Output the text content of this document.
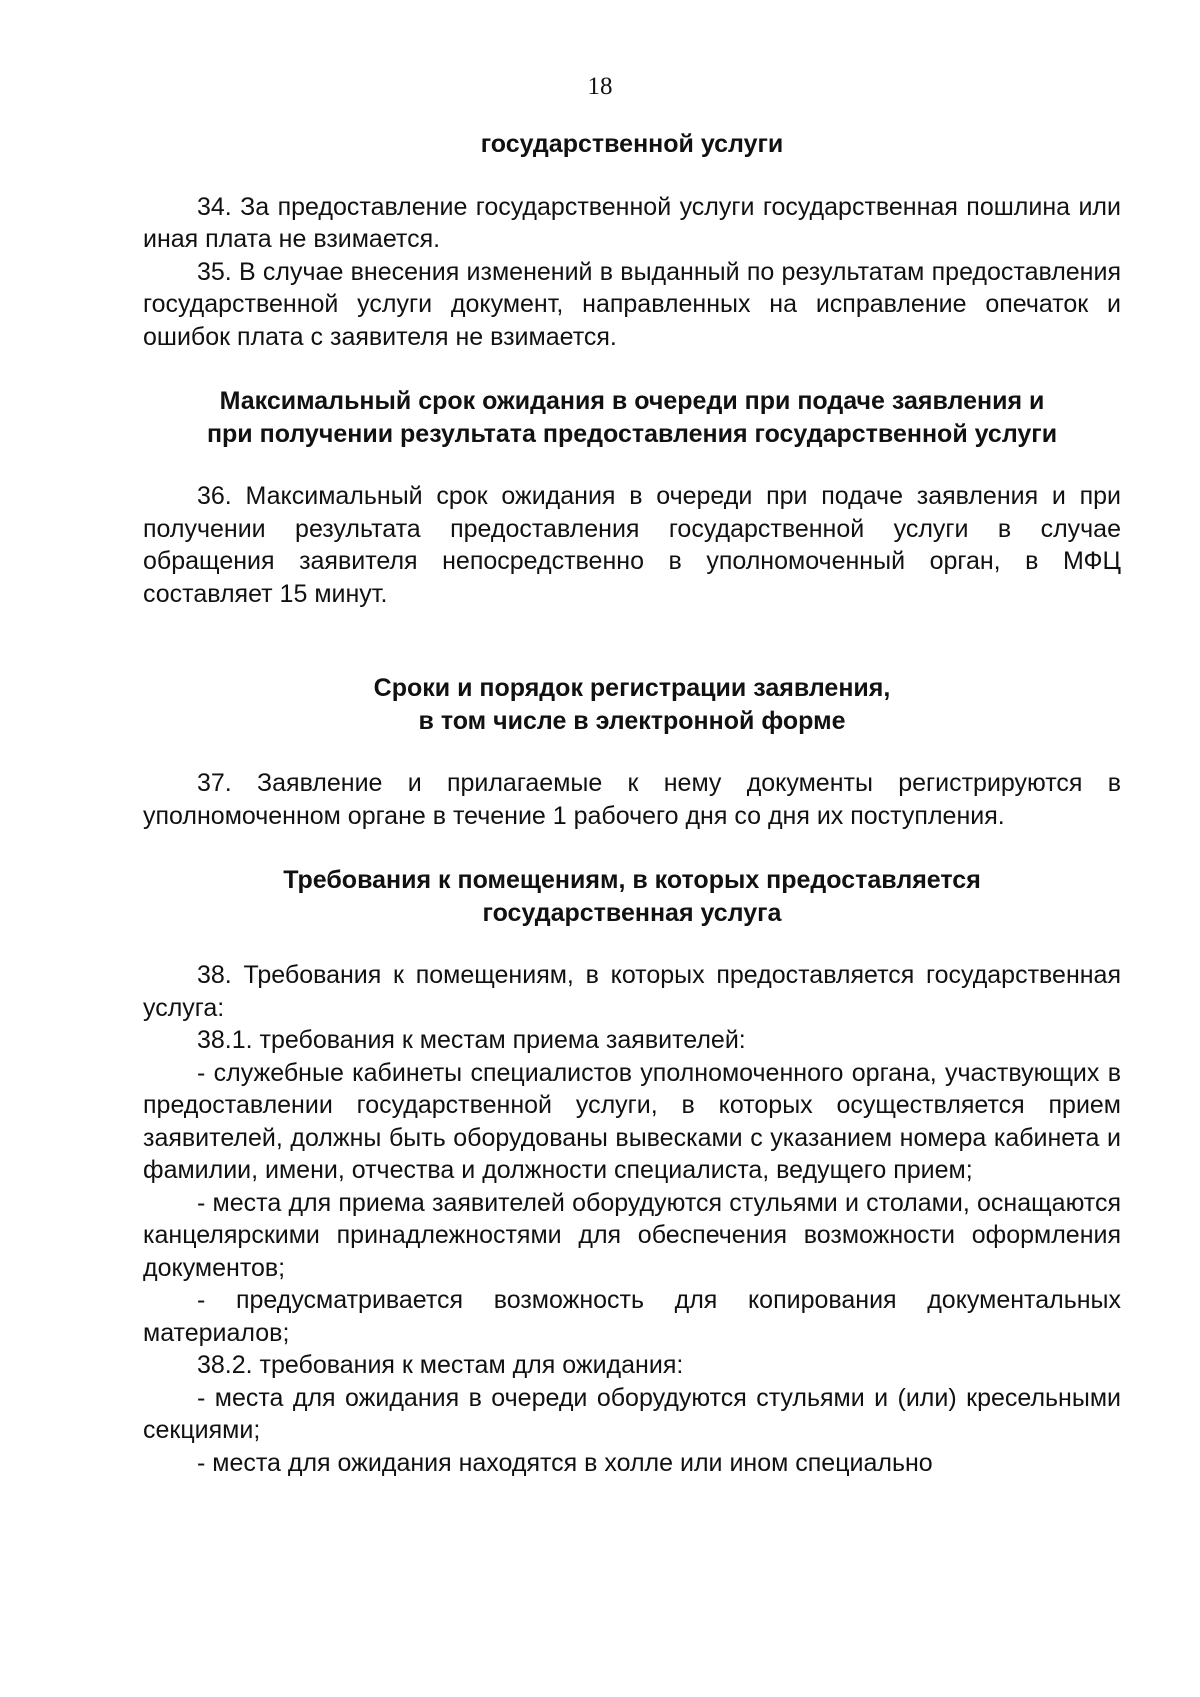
18

государственной услуги

34. За предоставление государственной услуги государственная пошлина или иная плата не взимается.

35. В случае внесения изменений в выданный по результатам предоставления государственной услуги документ, направленных на исправление опечаток и ошибок плата с заявителя не взимается.

Максимальный срок ожидания в очереди при подаче заявления и
при получении результата предоставления государственной услуги

36. Максимальный срок ожидания в очереди при подаче заявления и при получении результата предоставления государственной услуги в случае обращения заявителя непосредственно в уполномоченный орган, в МФЦ составляет 15 минут.

Сроки и порядок регистрации заявления,
в том числе в электронной форме

37. Заявление и прилагаемые к нему документы регистрируются в уполномоченном органе в течение 1 рабочего дня со дня их поступления.

Требования к помещениям, в которых предоставляется
государственная услуга

38. Требования к помещениям, в которых предоставляется государственная услуга:

38.1. требования к местам приема заявителей:

- служебные кабинеты специалистов уполномоченного органа, участвующих в предоставлении государственной услуги, в которых осуществляется прием заявителей, должны быть оборудованы вывесками с указанием номера кабинета и фамилии, имени, отчества и должности специалиста, ведущего прием;

- места для приема заявителей оборудуются стульями и столами, оснащаются канцелярскими принадлежностями для обеспечения возможности оформления документов;

- предусматривается возможность для копирования документальных материалов;

38.2. требования к местам для ожидания:

- места для ожидания в очереди оборудуются стульями и (или) кресельными секциями;

- места для ожидания находятся в холле или ином специально
